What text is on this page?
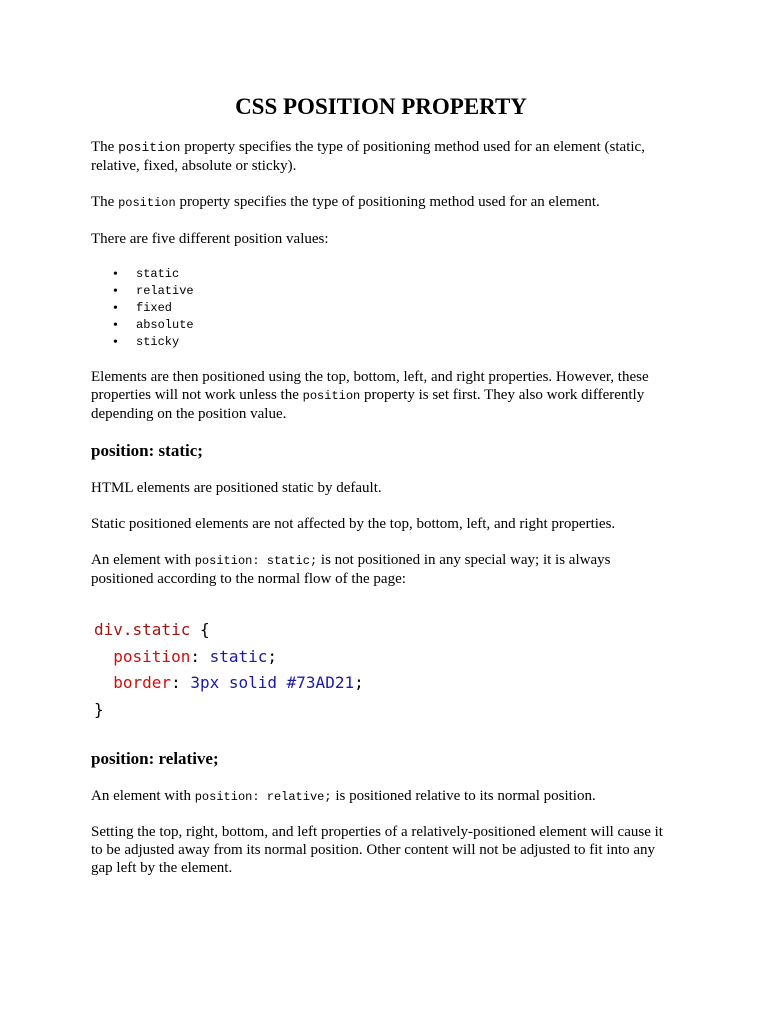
CSS POSITION PROPERTY

The position property specifies the type of positioning method used for an element (static, relative, fixed, absolute or sticky).

The position property specifies the type of positioning method used for an element.

There are five different position values:

• static
• relative
• fixed
• absolute
• sticky

Elements are then positioned using the top, bottom, left, and right properties. However, these properties will not work unless the position property is set first. They also work differently depending on the position value.

position: static;

HTML elements are positioned static by default.

Static positioned elements are not affected by the top, bottom, left, and right properties.

An element with position: static; is not positioned in any special way; it is always positioned according to the normal flow of the page:

div.static {
position: static;
border: 3px solid #73AD21;
}
position: relative;

An element with position: relative; is positioned relative to its normal position.

Setting the top, right, bottom, and left properties of a relatively-positioned element will cause it to be adjusted away from its normal position. Other content will not be adjusted to fit into any gap left by the element.
